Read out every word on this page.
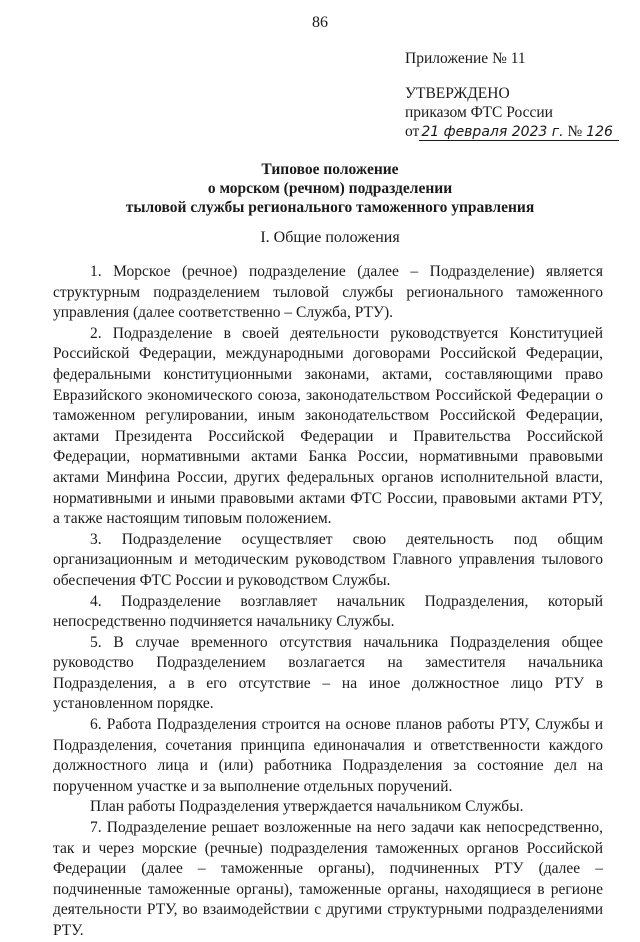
86
Приложение № 11
УТВЕРЖДЕНО
приказом ФТС России
от 21 февраля 2023 г. № 126
Типовое положение
о морском (речном) подразделении
тыловой службы регионального таможенного управления
I. Общие положения

1. Морское (речное) подразделение (далее – Подразделение) является структурным подразделением тыловой службы регионального таможенного управления (далее соответственно – Служба, РТУ).

2. Подразделение в своей деятельности руководствуется Конституцией Российской Федерации, международными договорами Российской Федерации, федеральными конституционными законами, актами, составляющими право Евразийского экономического союза, законодательством Российской Федерации о таможенном регулировании, иным законодательством Российской Федерации, актами Президента Российской Федерации и Правительства Российской Федерации, нормативными актами Банка России, нормативными правовыми актами Минфина России, других федеральных органов исполнительной власти, нормативными и иными правовыми актами ФТС России, правовыми актами РТУ, а также настоящим типовым положением.

3. Подразделение осуществляет свою деятельность под общим организационным и методическим руководством Главного управления тылового обеспечения ФТС России и руководством Службы.

4. Подразделение возглавляет начальник Подразделения, который непосредственно подчиняется начальнику Службы.

5. В случае временного отсутствия начальника Подразделения общее руководство Подразделением возлагается на заместителя начальника Подразделения, а в его отсутствие – на иное должностное лицо РТУ в установленном порядке.

6. Работа Подразделения строится на основе планов работы РТУ, Службы и Подразделения, сочетания принципа единоначалия и ответственности каждого должностного лица и (или) работника Подразделения за состояние дел на порученном участке и за выполнение отдельных поручений.

План работы Подразделения утверждается начальником Службы.

7. Подразделение решает возложенные на него задачи как непосредственно, так и через морские (речные) подразделения таможенных органов Российской Федерации (далее – таможенные органы), подчиненных РТУ (далее – подчиненные таможенные органы), таможенные органы, находящиеся в регионе деятельности РТУ, во взаимодействии с другими структурными подразделениями РТУ.
